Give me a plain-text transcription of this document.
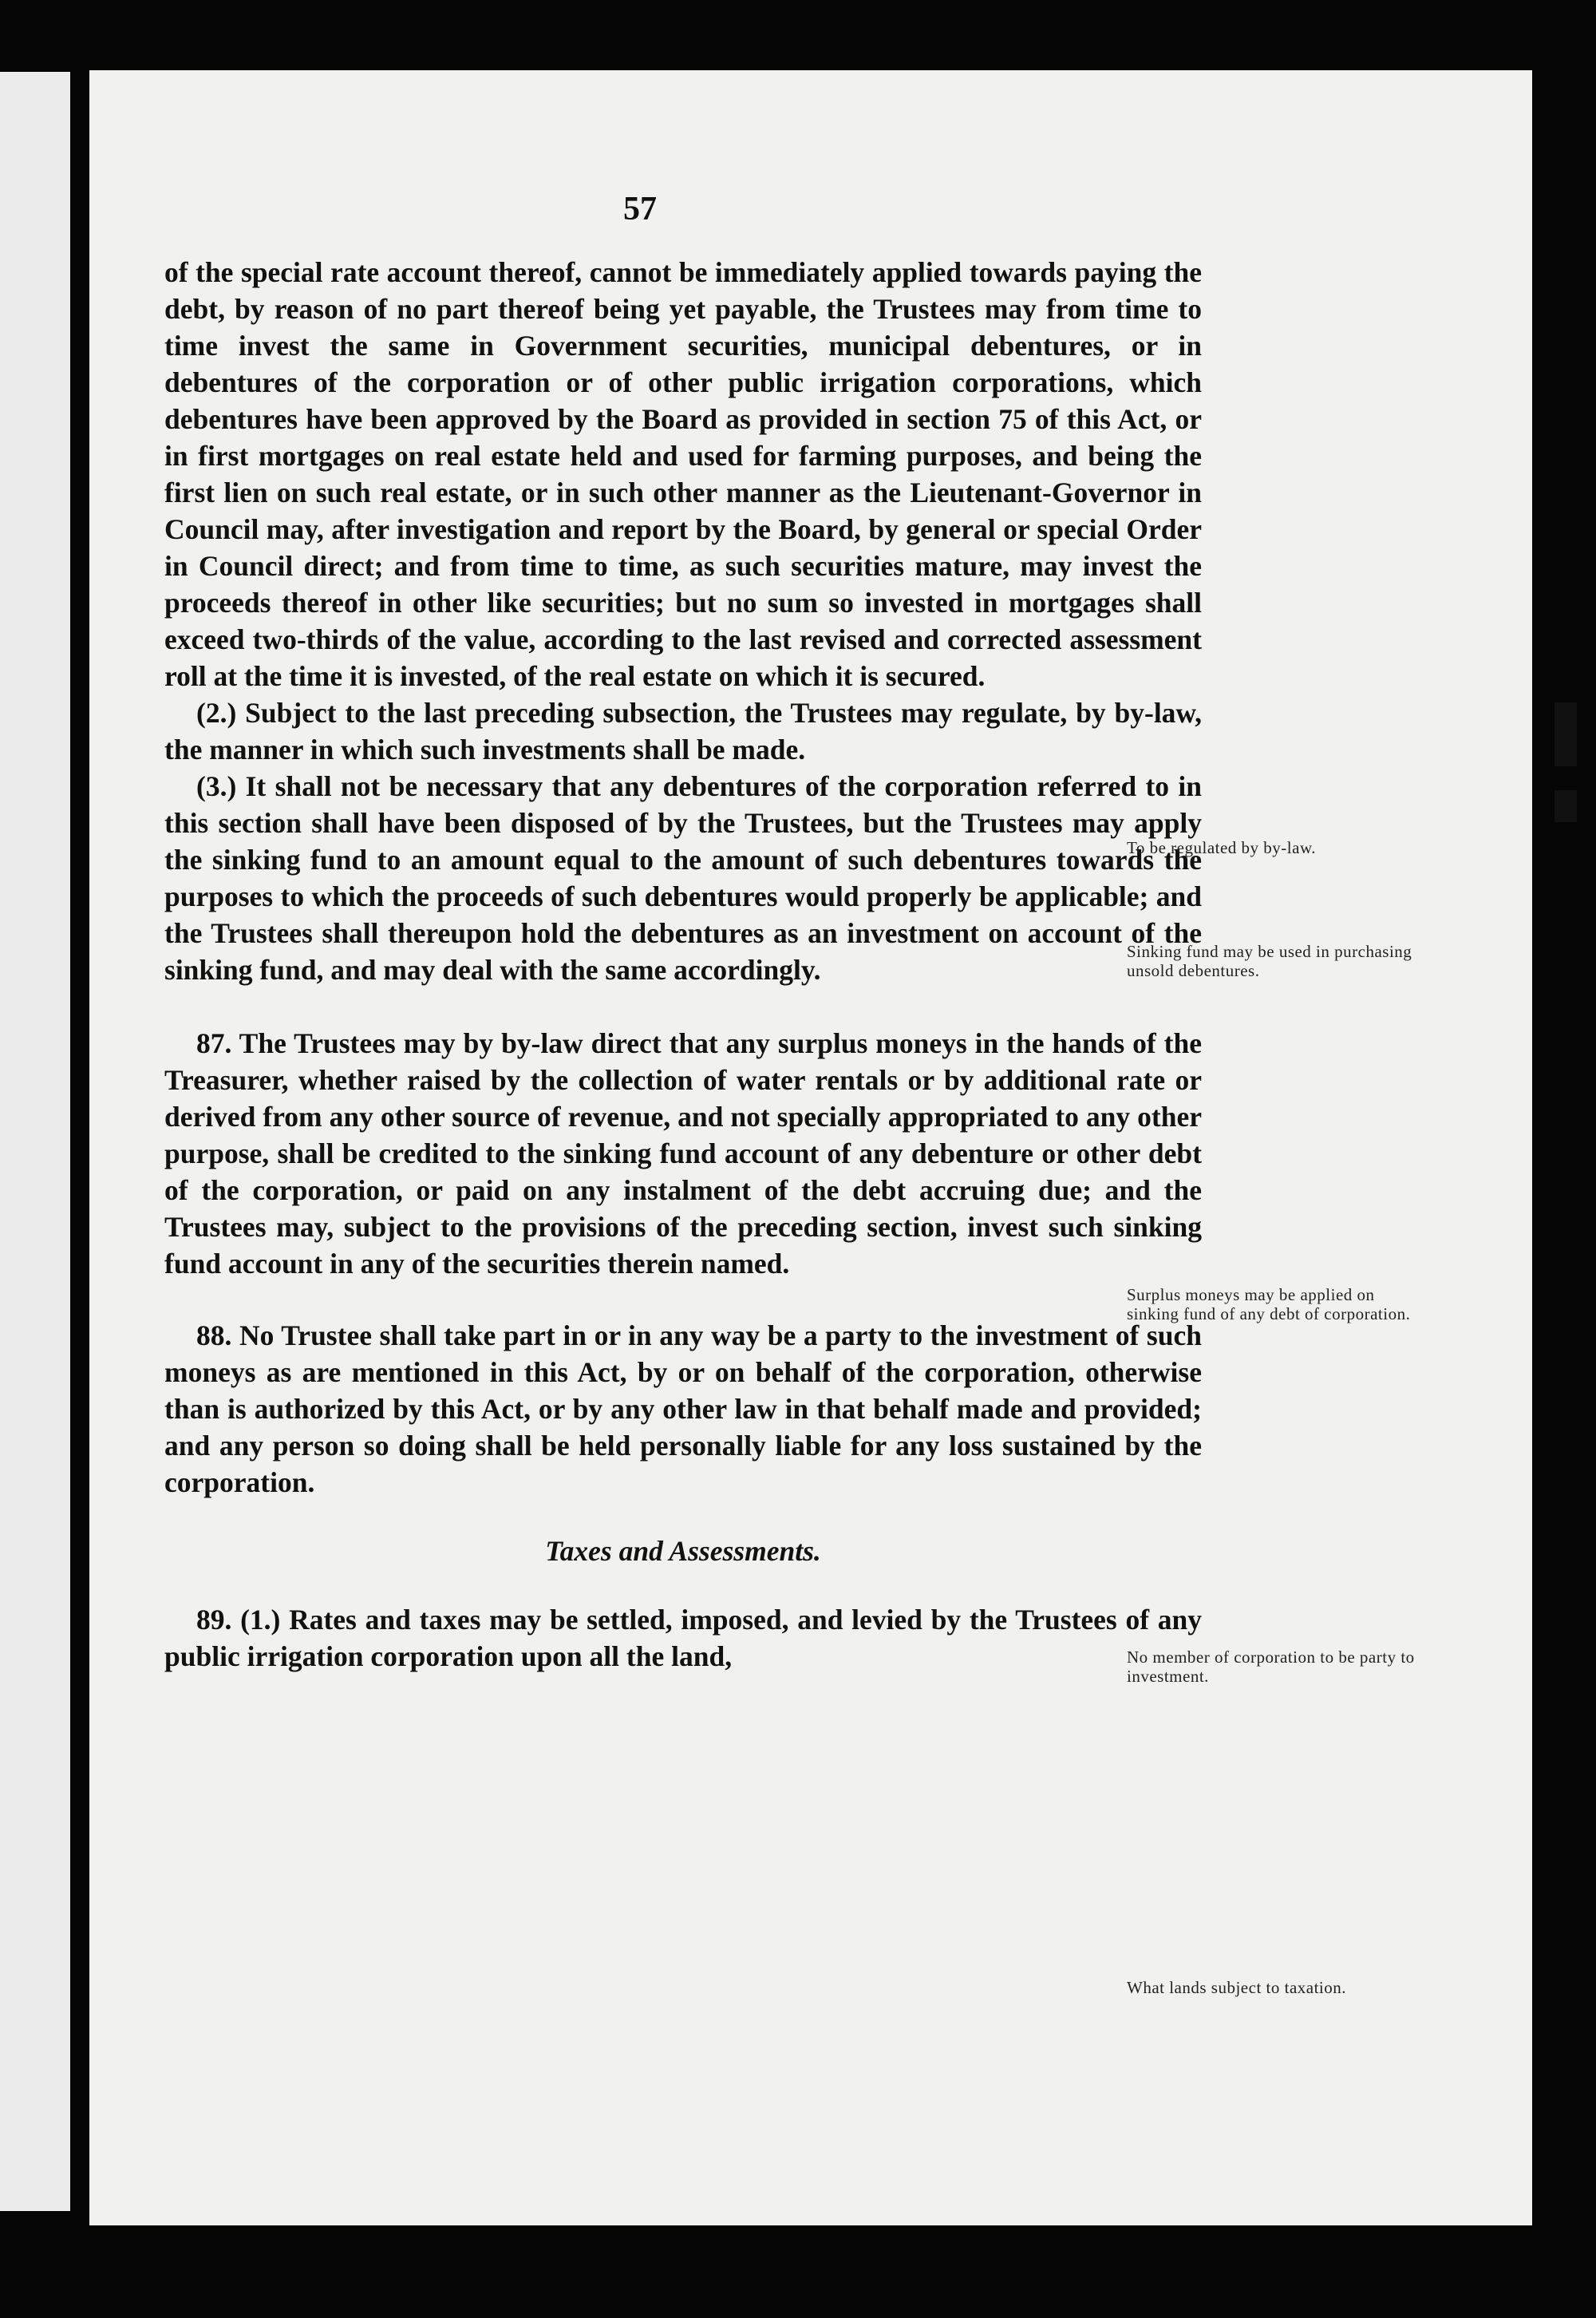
57

of the special rate account thereof, cannot be immediately applied towards paying the debt, by reason of no part thereof being yet payable, the Trustees may from time to time invest the same in Government securities, municipal debentures, or in debentures of the corporation or of other public irrigation corporations, which debentures have been approved by the Board as provided in section 75 of this Act, or in first mortgages on real estate held and used for farming purposes, and being the first lien on such real estate, or in such other manner as the Lieutenant-Governor in Council may, after investigation and report by the Board, by general or special Order in Council direct; and from time to time, as such securities mature, may invest the proceeds thereof in other like securities; but no sum so invested in mortgages shall exceed two-thirds of the value, according to the last revised and corrected assessment roll at the time it is invested, of the real estate on which it is secured.

(2.) Subject to the last preceding subsection, the Trustees may regulate, by by-law, the manner in which such investments shall be made.

(3.) It shall not be necessary that any debentures of the corporation referred to in this section shall have been disposed of by the Trustees, but the Trustees may apply the sinking fund to an amount equal to the amount of such debentures towards the purposes to which the proceeds of such debentures would properly be applicable; and the Trustees shall thereupon hold the debentures as an investment on account of the sinking fund, and may deal with the same accordingly.

87. The Trustees may by by-law direct that any surplus moneys in the hands of the Treasurer, whether raised by the collection of water rentals or by additional rate or derived from any other source of revenue, and not specially appropriated to any other purpose, shall be credited to the sinking fund account of any debenture or other debt of the corporation, or paid on any instalment of the debt accruing due; and the Trustees may, subject to the provisions of the preceding section, invest such sinking fund account in any of the securities therein named.

88. No Trustee shall take part in or in any way be a party to the investment of such moneys as are mentioned in this Act, by or on behalf of the corporation, otherwise than is authorized by this Act, or by any other law in that behalf made and provided; and any person so doing shall be held personally liable for any loss sustained by the corporation.

Taxes and Assessments.

89. (1.) Rates and taxes may be settled, imposed, and levied by the Trustees of any public irrigation corporation upon all the land,

To be regulated by by-law.
Sinking fund may be used in purchasing unsold debentures.
Surplus moneys may be applied on sinking fund of any debt of corporation.
No member of corporation to be party to investment.
What lands subject to taxation.
